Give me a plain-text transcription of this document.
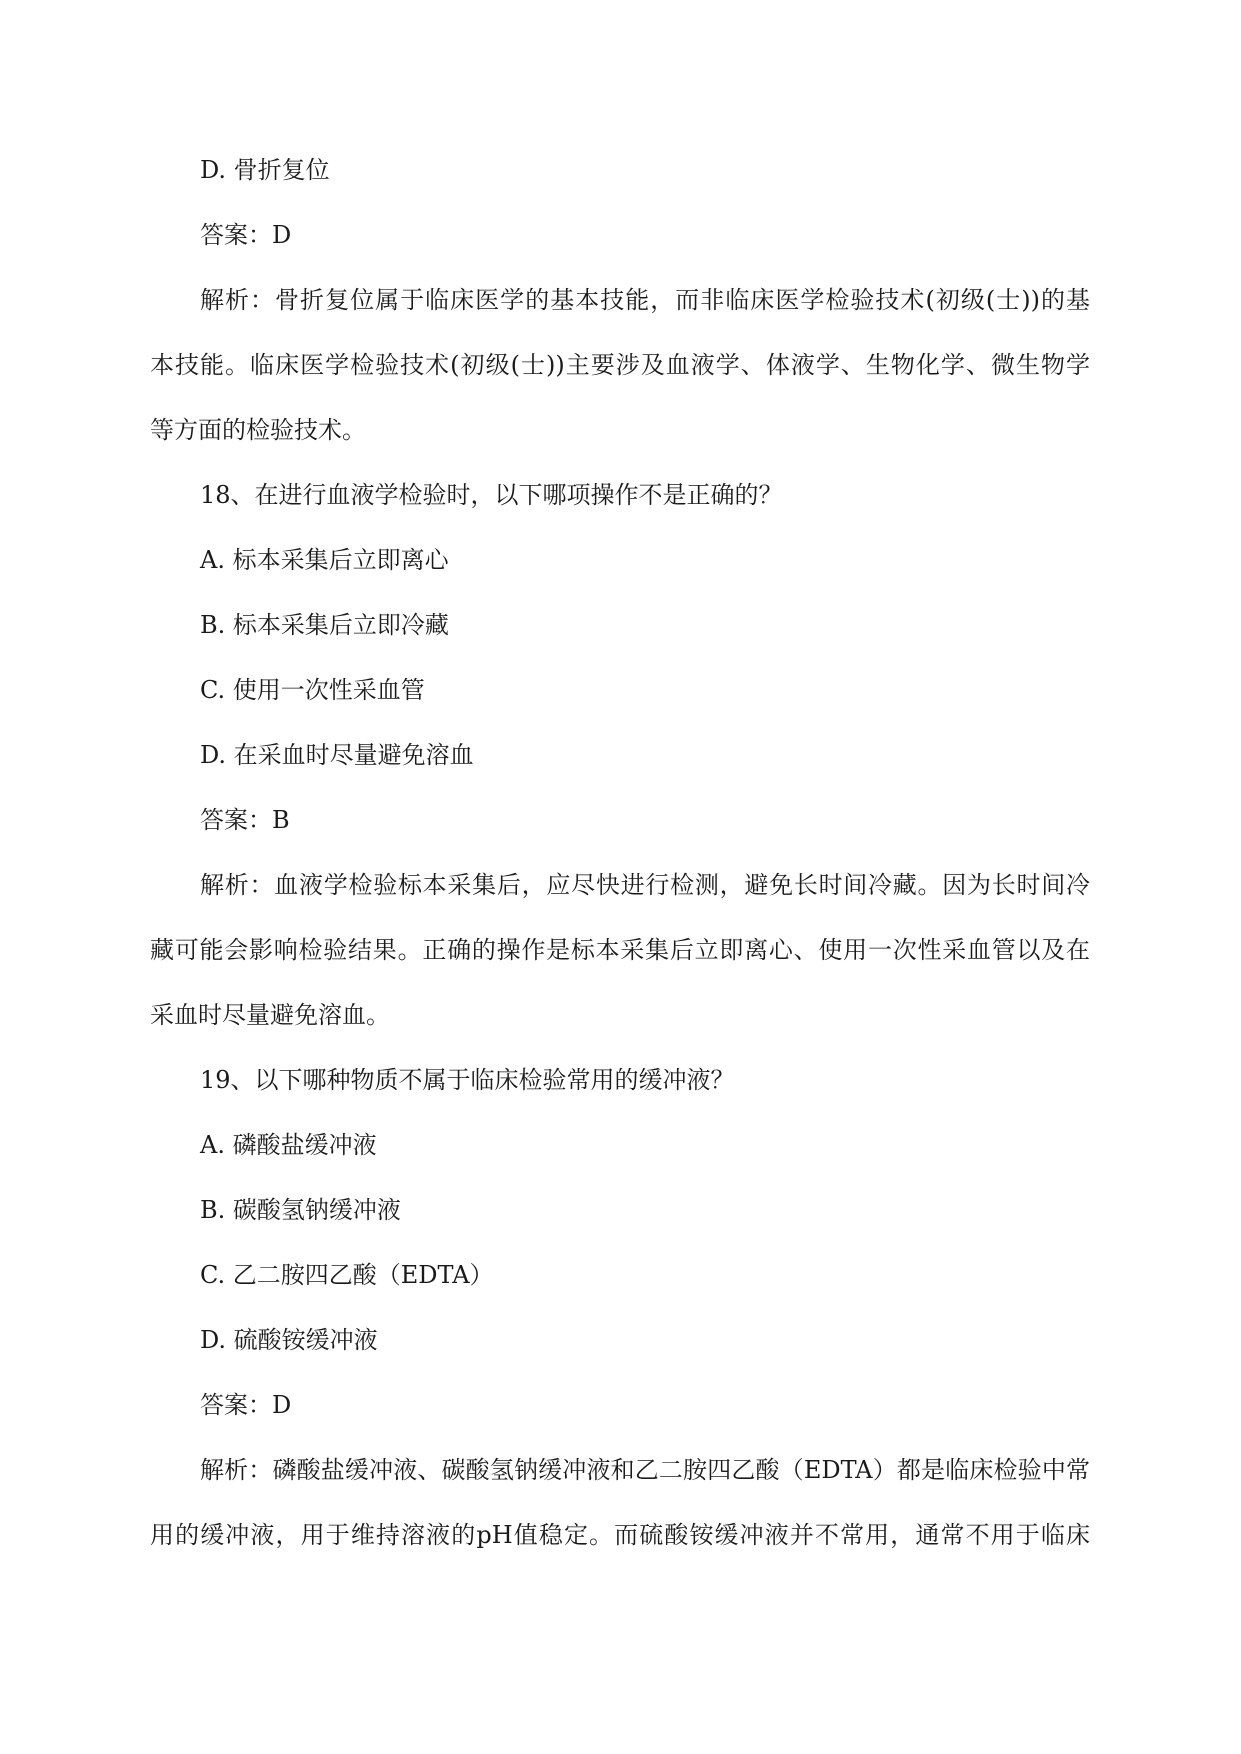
D. 骨折复位
答案：D
解析：骨折复位属于临床医学的基本技能，而非临床医学检验技术(初级(士))的基
本技能。临床医学检验技术(初级(士))主要涉及血液学、体液学、生物化学、微生物学
等方面的检验技术。
18、在进行血液学检验时，以下哪项操作不是正确的？
A. 标本采集后立即离心
B. 标本采集后立即冷藏
C. 使用一次性采血管
D. 在采血时尽量避免溶血
答案：B
解析：血液学检验标本采集后，应尽快进行检测，避免长时间冷藏。因为长时间冷
藏可能会影响检验结果。正确的操作是标本采集后立即离心、使用一次性采血管以及在
采血时尽量避免溶血。
19、以下哪种物质不属于临床检验常用的缓冲液？
A. 磷酸盐缓冲液
B. 碳酸氢钠缓冲液
C. 乙二胺四乙酸（EDTA）
D. 硫酸铵缓冲液
答案：D
解析：磷酸盐缓冲液、碳酸氢钠缓冲液和乙二胺四乙酸（EDTA）都是临床检验中常
用的缓冲液，用于维持溶液的pH值稳定。而硫酸铵缓冲液并不常用，通常不用于临床
